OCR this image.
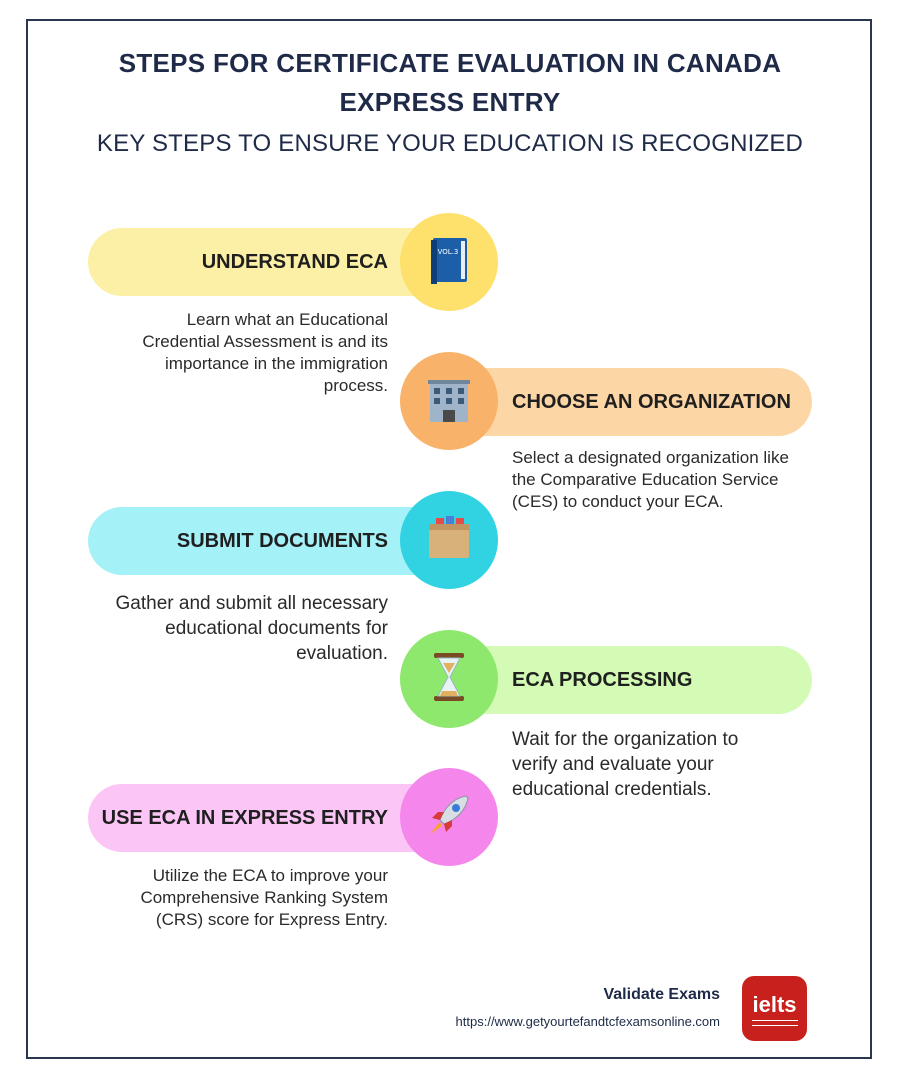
STEPS FOR CERTIFICATE EVALUATION IN CANADA
EXPRESS ENTRY
KEY STEPS TO ENSURE YOUR EDUCATION IS RECOGNIZED
UNDERSTAND ECA	VOL.3
Learn what an Educational Credential Assessment is and its importance in the immigration process.
CHOOSE AN ORGANIZATION
Select a designated organization like the Comparative Education Service (CES) to conduct your ECA.
SUBMIT DOCUMENTS
Gather and submit all necessary educational documents for evaluation.
ECA PROCESSING
Wait for the organization to verify and evaluate your educational credentials.
USE ECA IN EXPRESS ENTRY
Utilize the ECA to improve your Comprehensive Ranking System (CRS) score for Express Entry.
Validate Exams
https://www.getyourtefandtcfexamsonline.com
ielts
